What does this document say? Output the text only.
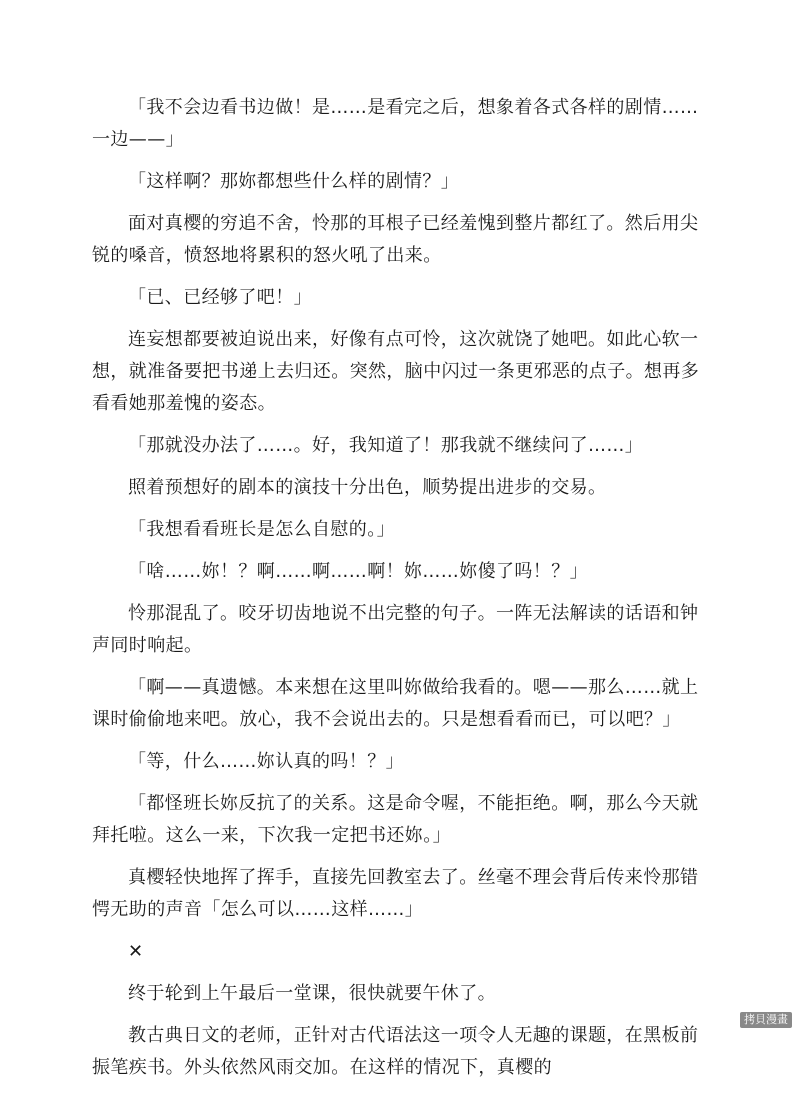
「我不会边看书边做！是……是看完之后，想象着各式各样的剧情……一边——」

「这样啊？那妳都想些什么样的剧情？」

面对真樱的穷追不舍，怜那的耳根子已经羞愧到整片都红了。然后用尖锐的嗓音，愤怒地将累积的怒火吼了出来。

「已、已经够了吧！」

连妄想都要被迫说出来，好像有点可怜，这次就饶了她吧。如此心软一想，就准备要把书递上去归还。突然，脑中闪过一条更邪恶的点子。想再多看看她那羞愧的姿态。

「那就没办法了……。好，我知道了！那我就不继续问了……」

照着预想好的剧本的演技十分出色，顺势提出进步的交易。

「我想看看班长是怎么自慰的。」

「啥……妳！？啊……啊……啊！妳……妳傻了吗！？」

怜那混乱了。咬牙切齿地说不出完整的句子。一阵无法解读的话语和钟声同时响起。

「啊——真遗憾。本来想在这里叫妳做给我看的。嗯——那么……就上课时偷偷地来吧。放心，我不会说出去的。只是想看看而已，可以吧？」

「等，什么……妳认真的吗！？」

「都怪班长妳反抗了的关系。这是命令喔，不能拒绝。啊，那么今天就拜托啦。这么一来，下次我一定把书还妳。」

真樱轻快地挥了挥手，直接先回教室去了。丝毫不理会背后传来怜那错愕无助的声音「怎么可以……这样……」

✕

终于轮到上午最后一堂课，很快就要午休了。

教古典日文的老师，正针对古代语法这一项令人无趣的课题，在黑板前振笔疾书。外头依然风雨交加。在这样的情况下，真樱的

拷貝漫畫
